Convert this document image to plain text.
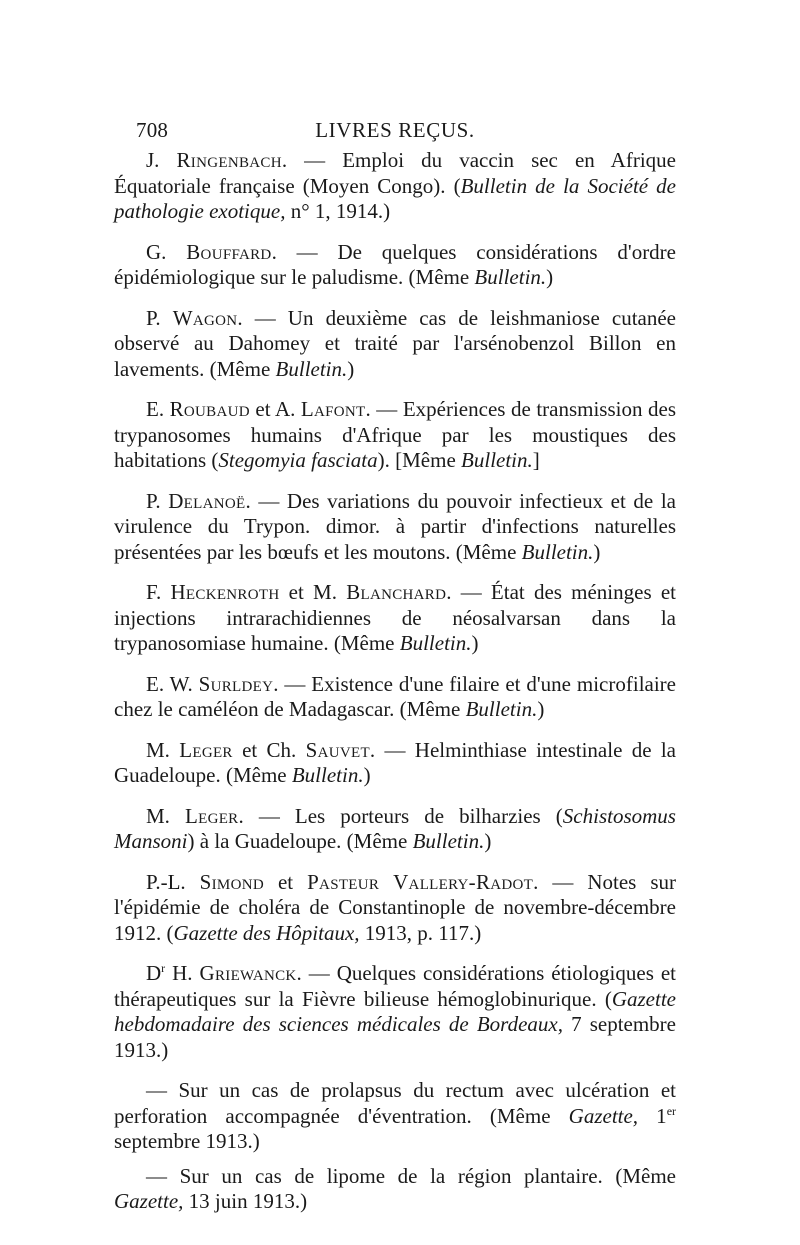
708	LIVRES REÇUS.

J. Ringenbach. — Emploi du vaccin sec en Afrique Équatoriale française (Moyen Congo). (Bulletin de la Société de pathologie exotique, n° 1, 1914.)

G. Bouffard. — De quelques considérations d'ordre épidémiologique sur le paludisme. (Même Bulletin.)

P. Wagon. — Un deuxième cas de leishmaniose cutanée observé au Dahomey et traité par l'arsénobenzol Billon en lavements. (Même Bulletin.)

E. Roubaud et A. Lafont. — Expériences de transmission des trypanosomes humains d'Afrique par les moustiques des habitations (Stegomyia fasciata). [Même Bulletin.]

P. Delanoë. — Des variations du pouvoir infectieux et de la virulence du Trypon. dimor. à partir d'infections naturelles présentées par les bœufs et les moutons. (Même Bulletin.)

F. Heckenroth et M. Blanchard. — État des méninges et injections intrarachidiennes de néosalvarsan dans la trypanosomiase humaine. (Même Bulletin.)

E. W. Surldey. — Existence d'une filaire et d'une microfilaire chez le caméléon de Madagascar. (Même Bulletin.)

M. Leger et Ch. Sauvet. — Helminthiase intestinale de la Guadeloupe. (Même Bulletin.)

M. Leger. — Les porteurs de bilharzies (Schistosomus Mansoni) à la Guadeloupe. (Même Bulletin.)

P.-L. Simond et Pasteur Vallery-Radot. — Notes sur l'épidémie de choléra de Constantinople de novembre-décembre 1912. (Gazette des Hôpitaux, 1913, p. 117.)

$D^r$ H. Griewanck. — Quelques considérations étiologiques et thérapeutiques sur la Fièvre bilieuse hémoglobinurique. (Gazette hebdomadaire des sciences médicales de Bordeaux, 7 septembre 1913.)

— Sur un cas de prolapsus du rectum avec ulcération et perforation accompagnée d'éventration. (Même Gazette, 1er septembre 1913.)

— Sur un cas de lipome de la région plantaire. (Même Gazette, 13 juin 1913.)
